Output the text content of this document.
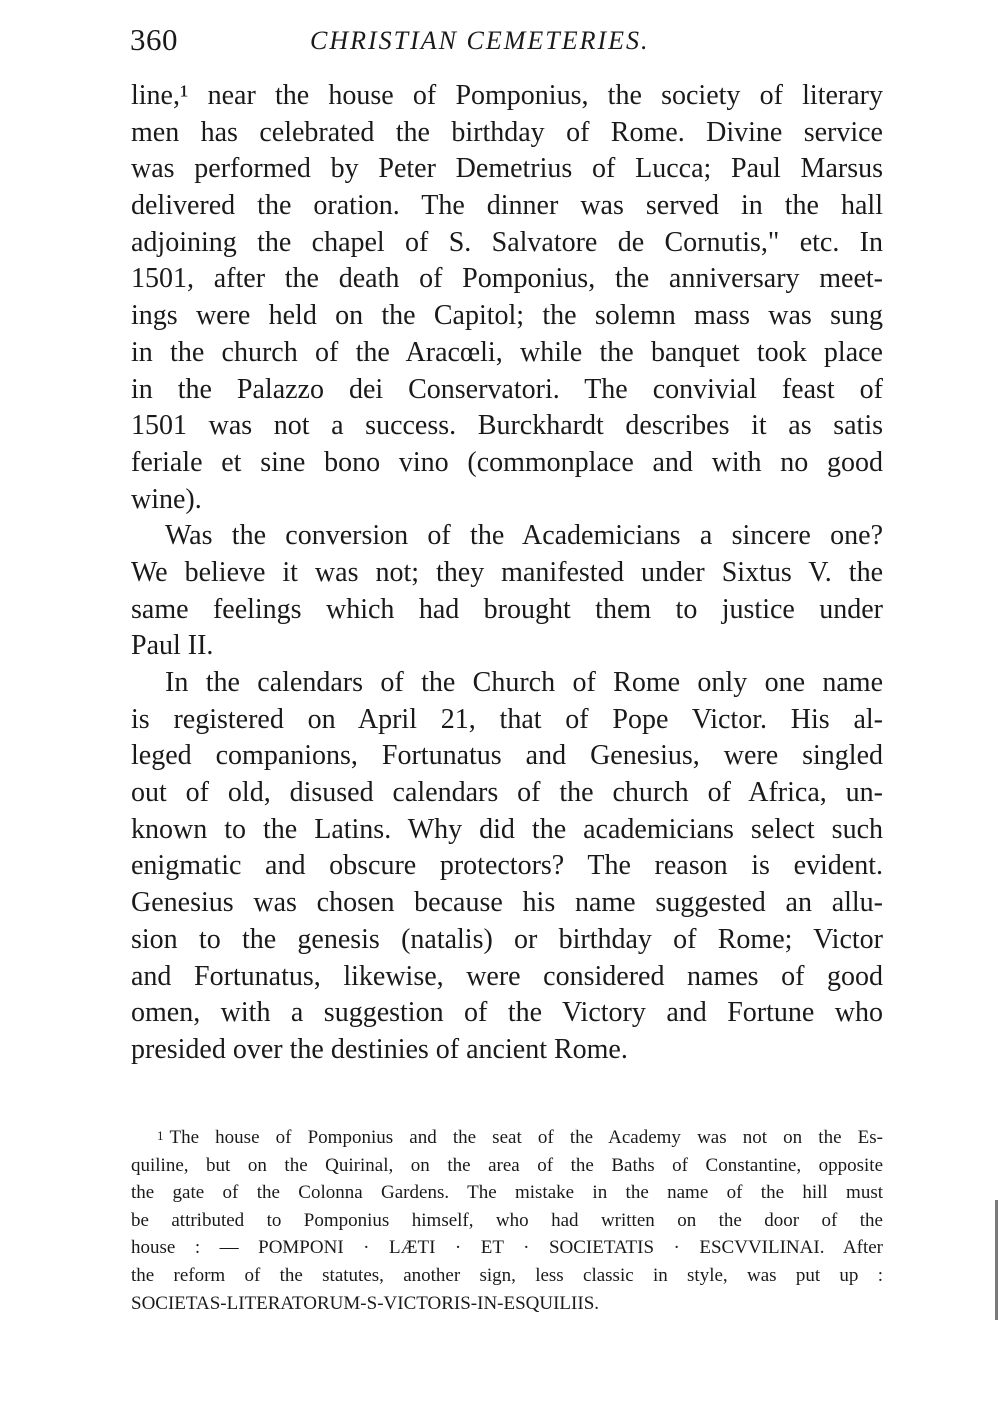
360	CHRISTIAN CEMETERIES.
line,¹ near the house of Pomponius, the society of literary
men has celebrated the birthday of Rome. Divine service
was performed by Peter Demetrius of Lucca; Paul Marsus
delivered the oration. The dinner was served in the hall
adjoining the chapel of S. Salvatore de Cornutis," etc. In
1501, after the death of Pomponius, the anniversary meet-
ings were held on the Capitol; the solemn mass was sung
in the church of the Aracœli, while the banquet took place
in the Palazzo dei Conservatori. The convivial feast of
1501 was not a success. Burckhardt describes it as satis
feriale et sine bono vino (commonplace and with no good
wine).
Was the conversion of the Academicians a sincere one?
We believe it was not; they manifested under Sixtus V. the
same feelings which had brought them to justice under
Paul II.
In the calendars of the Church of Rome only one name
is registered on April 21, that of Pope Victor. His al-
leged companions, Fortunatus and Genesius, were singled
out of old, disused calendars of the church of Africa, un-
known to the Latins. Why did the academicians select such
enigmatic and obscure protectors? The reason is evident.
Genesius was chosen because his name suggested an allu-
sion to the genesis (natalis) or birthday of Rome; Victor
and Fortunatus, likewise, were considered names of good
omen, with a suggestion of the Victory and Fortune who
presided over the destinies of ancient Rome.
$^1$ The house of Pomponius and the seat of the Academy was not on the Es-
quiline, but on the Quirinal, on the area of the Baths of Constantine, opposite
the gate of the Colonna Gardens. The mistake in the name of the hill must
be attributed to Pomponius himself, who had written on the door of the
house : — POMPONI · LÆTI · ET · SOCIETATIS · ESCVVILINAI. After
the reform of the statutes, another sign, less classic in style, was put up :
SOCIETAS-LITERATORUM-S-VICTORIS-IN-ESQUILIIS.
